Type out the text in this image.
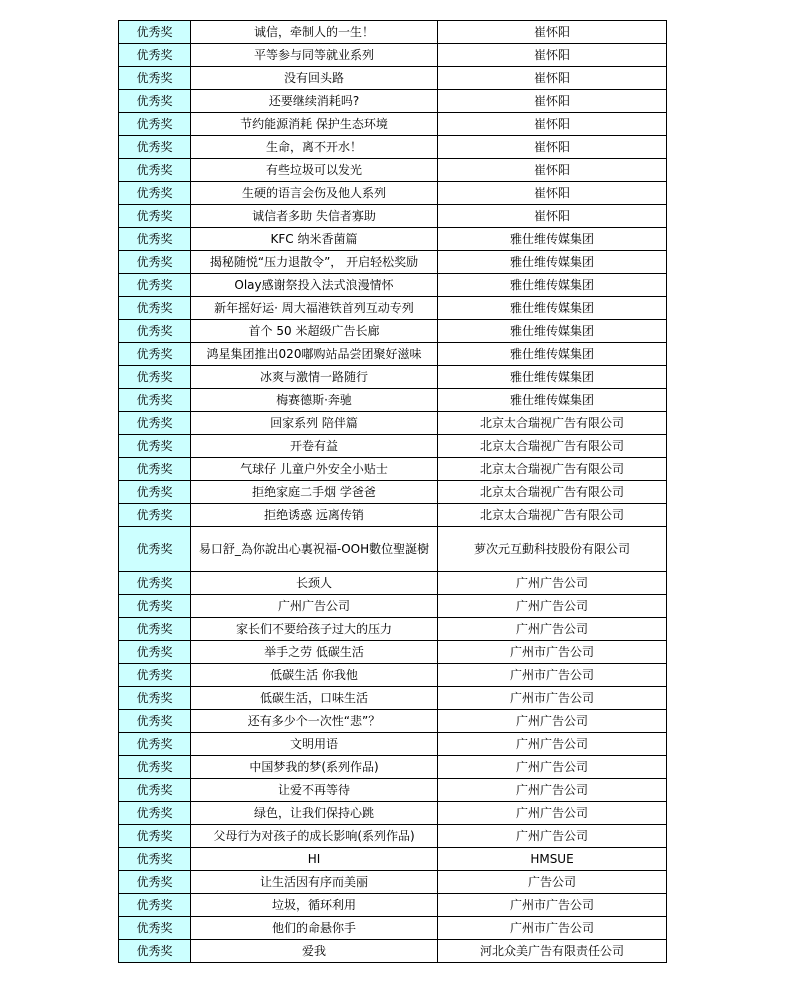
优秀奖	诚信，牵制人的一生！	崔怀阳
优秀奖	平等参与同等就业系列	崔怀阳
优秀奖	没有回头路	崔怀阳
优秀奖	还要继续消耗吗?	崔怀阳
优秀奖	节约能源消耗 保护生态环境	崔怀阳
优秀奖	生命，离不开水！	崔怀阳
优秀奖	有些垃圾可以发光	崔怀阳
优秀奖	生硬的语言会伤及他人系列	崔怀阳
优秀奖	诚信者多助 失信者寡助	崔怀阳
优秀奖	KFC 纳米香菌篇	雅仕维传媒集团
优秀奖	揭秘随悦“压力退散令”， 开启轻松奖励	雅仕维传媒集团
优秀奖	Olay感谢祭投入法式浪漫情怀	雅仕维传媒集团
优秀奖	新年摇好运· 周大福港铁首列互动专列	雅仕维传媒集团
优秀奖	首个 50 米超级广告长廊	雅仕维传媒集团
优秀奖	鸿星集团推出020嘟购站品尝团聚好滋味	雅仕维传媒集团
优秀奖	冰爽与激情一路随行	雅仕维传媒集团
优秀奖	梅赛德斯·奔驰	雅仕维传媒集团
优秀奖	回家系列 陪伴篇	北京太合瑞视广告有限公司
优秀奖	开卷有益	北京太合瑞视广告有限公司
优秀奖	气球仔 儿童户外安全小贴士	北京太合瑞视广告有限公司
优秀奖	拒绝家庭二手烟 学爸爸	北京太合瑞视广告有限公司
优秀奖	拒绝诱惑 远离传销	北京太合瑞视广告有限公司
优秀奖	易口舒_為你說出心裏祝福-OOH數位聖誕樹	萝次元互動科技股份有限公司
优秀奖	长颈人	广州广告公司
优秀奖	广州广告公司	广州广告公司
优秀奖	家长们不要给孩子过大的压力	广州广告公司
优秀奖	举手之劳 低碳生活	广州市广告公司
优秀奖	低碳生活 你我他	广州市广告公司
优秀奖	低碳生活，口味生活	广州市广告公司
优秀奖	还有多少个一次性“悲”？	广州广告公司
优秀奖	文明用语	广州广告公司
优秀奖	中国梦我的梦(系列作品)	广州广告公司
优秀奖	让爱不再等待	广州广告公司
优秀奖	绿色，让我们保持心跳	广州广告公司
优秀奖	父母行为对孩子的成长影响(系列作品)	广州广告公司
优秀奖	HI	HMSUE
优秀奖	让生活因有序而美丽	广告公司
优秀奖	垃圾，循环利用	广州市广告公司
优秀奖	他们的命悬你手	广州市广告公司
优秀奖	爱我	河北众美广告有限责任公司
